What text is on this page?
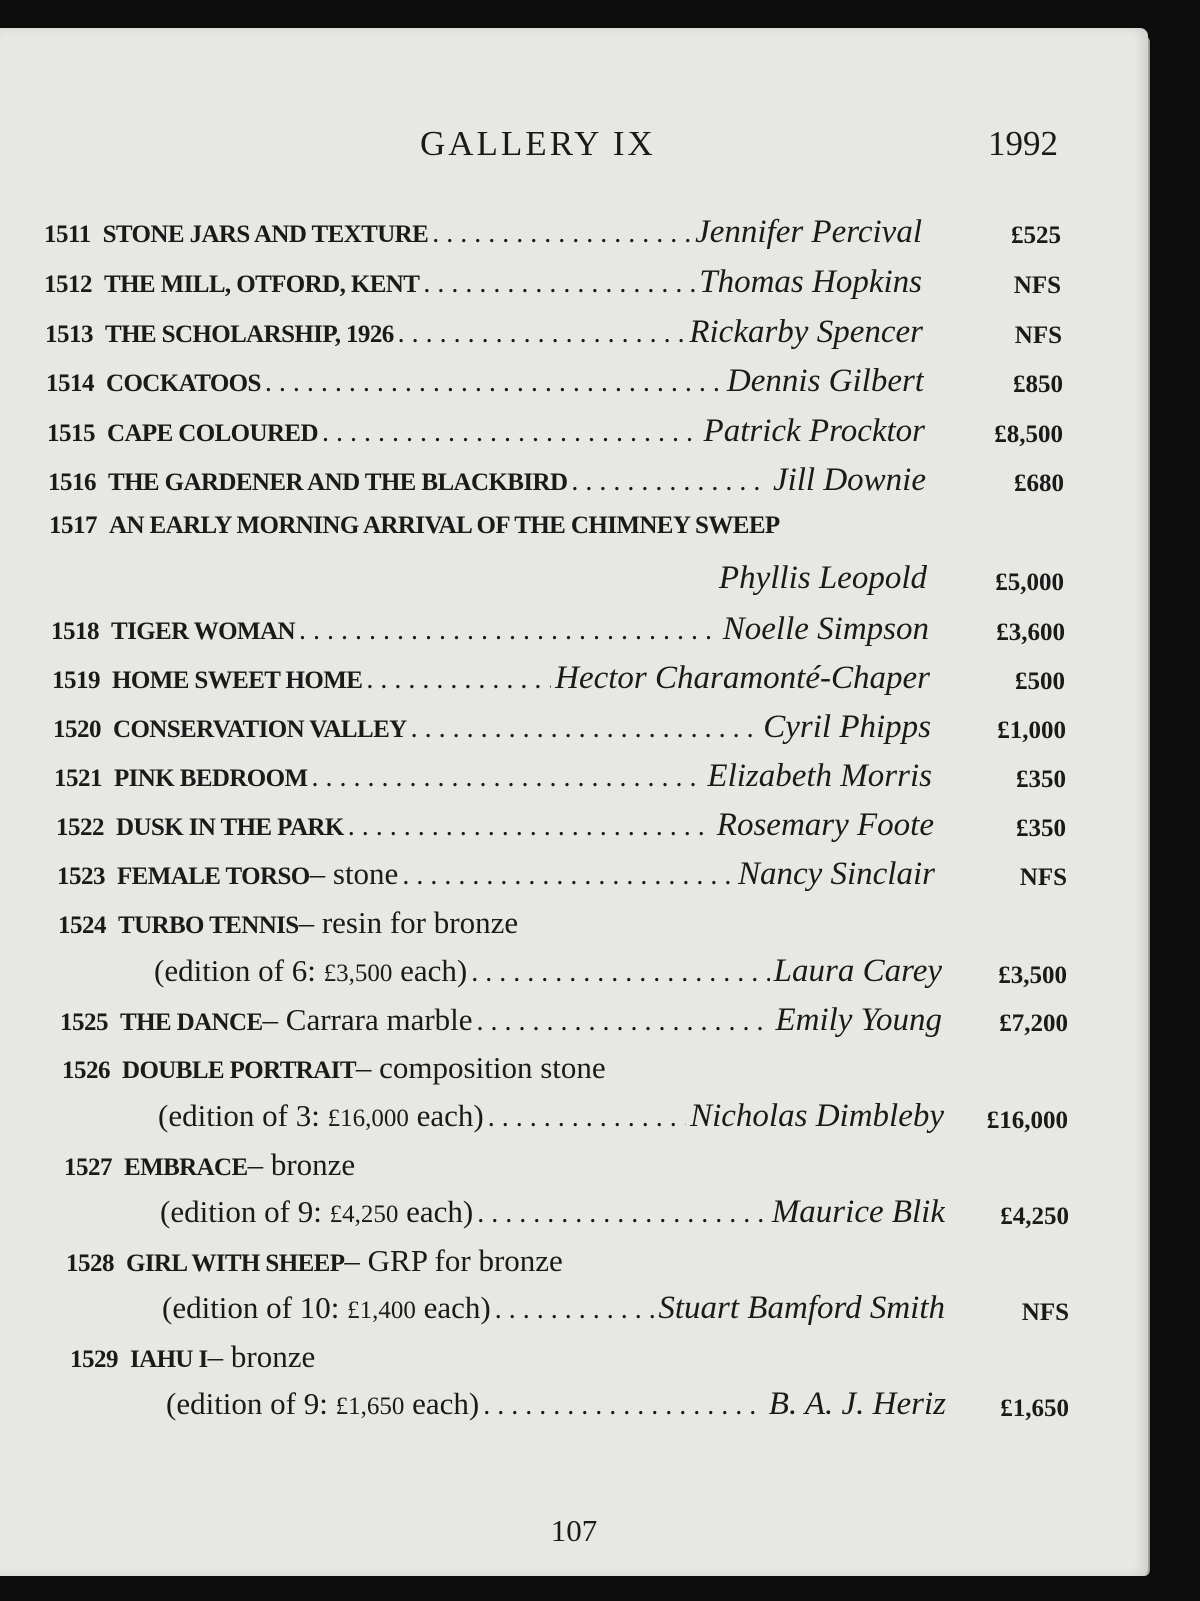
GALLERY IX	1992
1511 STONE JARS AND TEXTURE . . .	Jennifer Percival	£525
1512 THE MILL, OTFORD, KENT . . .	Thomas Hopkins	NFS
1513 THE SCHOLARSHIP, 1926 . . .	Rickarby Spencer	NFS
1514 COCKATOOS . . .	Dennis Gilbert	£850
1515 CAPE COLOURED . . .	Patrick Procktor	£8,500
1516 THE GARDENER AND THE BLACKBIRD . . .	Jill Downie	£680
1517 AN EARLY MORNING ARRIVAL OF THE CHIMNEY SWEEP
Phyllis Leopold	£5,000
1518 TIGER WOMAN . . .	Noelle Simpson	£3,600
1519 HOME SWEET HOME . . .	Hector Charamonté-Chaper	£500
1520 CONSERVATION VALLEY . . .	Cyril Phipps	£1,000
1521 PINK BEDROOM . . .	Elizabeth Morris	£350
1522 DUSK IN THE PARK . . .	Rosemary Foote	£350
1523 FEMALE TORSO – stone . . .	Nancy Sinclair	NFS
1524 TURBO TENNIS – resin for bronze
(edition of 6: £3,500 each) . . .	Laura Carey	£3,500
1525 THE DANCE – Carrara marble . . .	Emily Young	£7,200
1526 DOUBLE PORTRAIT – composition stone
(edition of 3: £16,000 each) . . .	Nicholas Dimbleby	£16,000
1527 EMBRACE – bronze
(edition of 9: £4,250 each) . . .	Maurice Blik	£4,250
1528 GIRL WITH SHEEP – GRP for bronze
(edition of 10: £1,400 each) . . .	Stuart Bamford Smith	NFS
1529 IAHU I – bronze
(edition of 9: £1,650 each) . . .	B. A. J. Heriz	£1,650
107
